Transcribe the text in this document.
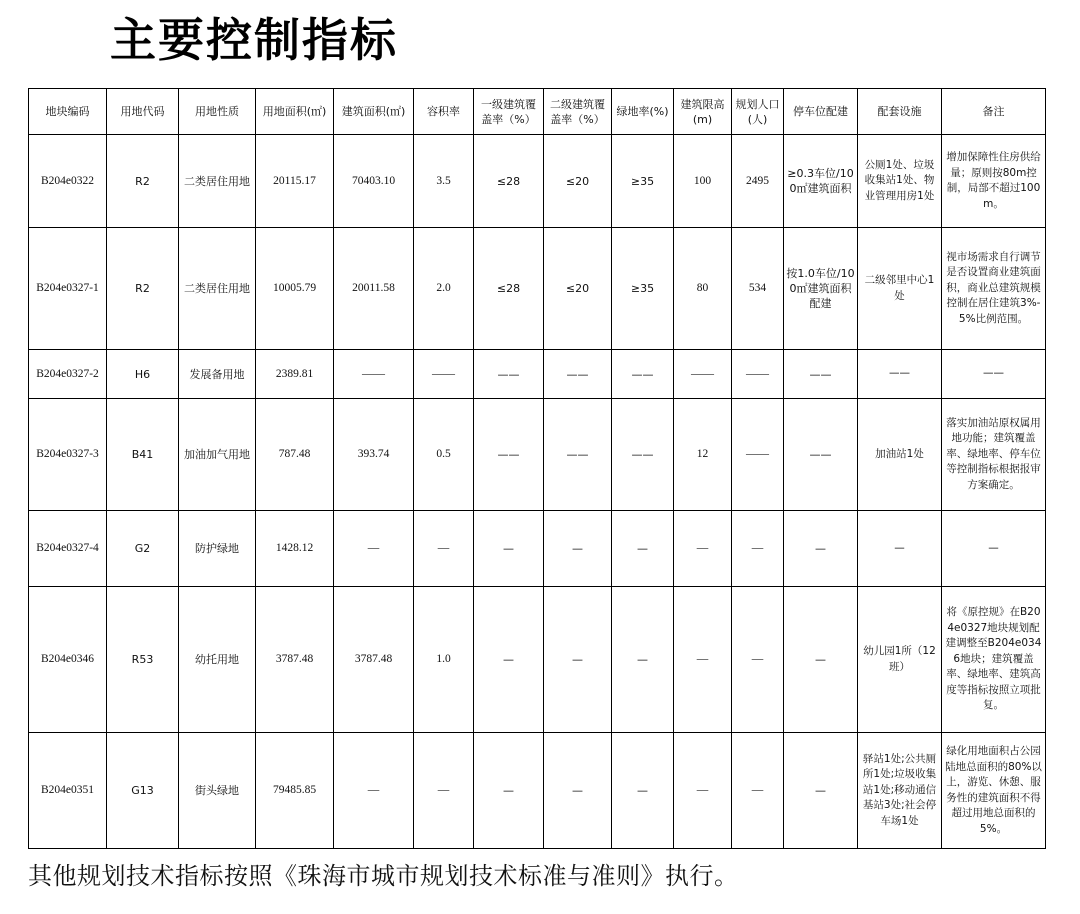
主要控制指标
地块编码	用地代码	用地性质	用地面积(㎡)	建筑面积(㎡)	容积率	一级建筑覆盖率（%）	二级建筑覆盖率（%）	绿地率(%)	建筑限高(m)	规划人口(人)	停车位配建	配套设施	备注
B204e0322	R2	二类居住用地	20115.17	70403.10	3.5	≤28	≤20	≥35	100	2495	≥0.3车位/100㎡建筑面积	公厕1处、垃圾收集站1处、物业管理用房1处	增加保障性住房供给量；原则按80m控制，局部不超过100m。
B204e0327-1	R2	二类居住用地	10005.79	20011.58	2.0	≤28	≤20	≥35	80	534	按1.0车位/100㎡建筑面积配建	二级邻里中心1处	视市场需求自行调节是否设置商业建筑面积，商业总建筑规模控制在居住建筑3%-5%比例范围。
B204e0327-2	H6	发展备用地	2389.81	——	——	——	——	——	——	——	——	——	——
B204e0327-3	B41	加油加气用地	787.48	393.74	0.5	——	——	——	12	——	——	加油站1处	落实加油站原权属用地功能；建筑覆盖率、绿地率、停车位等控制指标根据报审方案确定。
B204e0327-4	G2	防护绿地	1428.12	—	—	—	—	—	—	—	—	—	—
B204e0346	R53	幼托用地	3787.48	3787.48	1.0	—	—	—	—	—	—	幼儿园1所（12班）	将《原控规》在B204e0327地块规划配建调整至B204e0346地块；建筑覆盖率、绿地率、建筑高度等指标按照立项批复。
B204e0351	G13	街头绿地	79485.85	—	—	—	—	—	—	—	—	驿站1处;公共厕所1处;垃圾收集站1处;移动通信基站3处;社会停车场1处	绿化用地面积占公园陆地总面积的80%以上，游览、休憩、服务性的建筑面积不得超过用地总面积的5%。
其他规划技术指标按照《珠海市城市规划技术标准与准则》执行。
